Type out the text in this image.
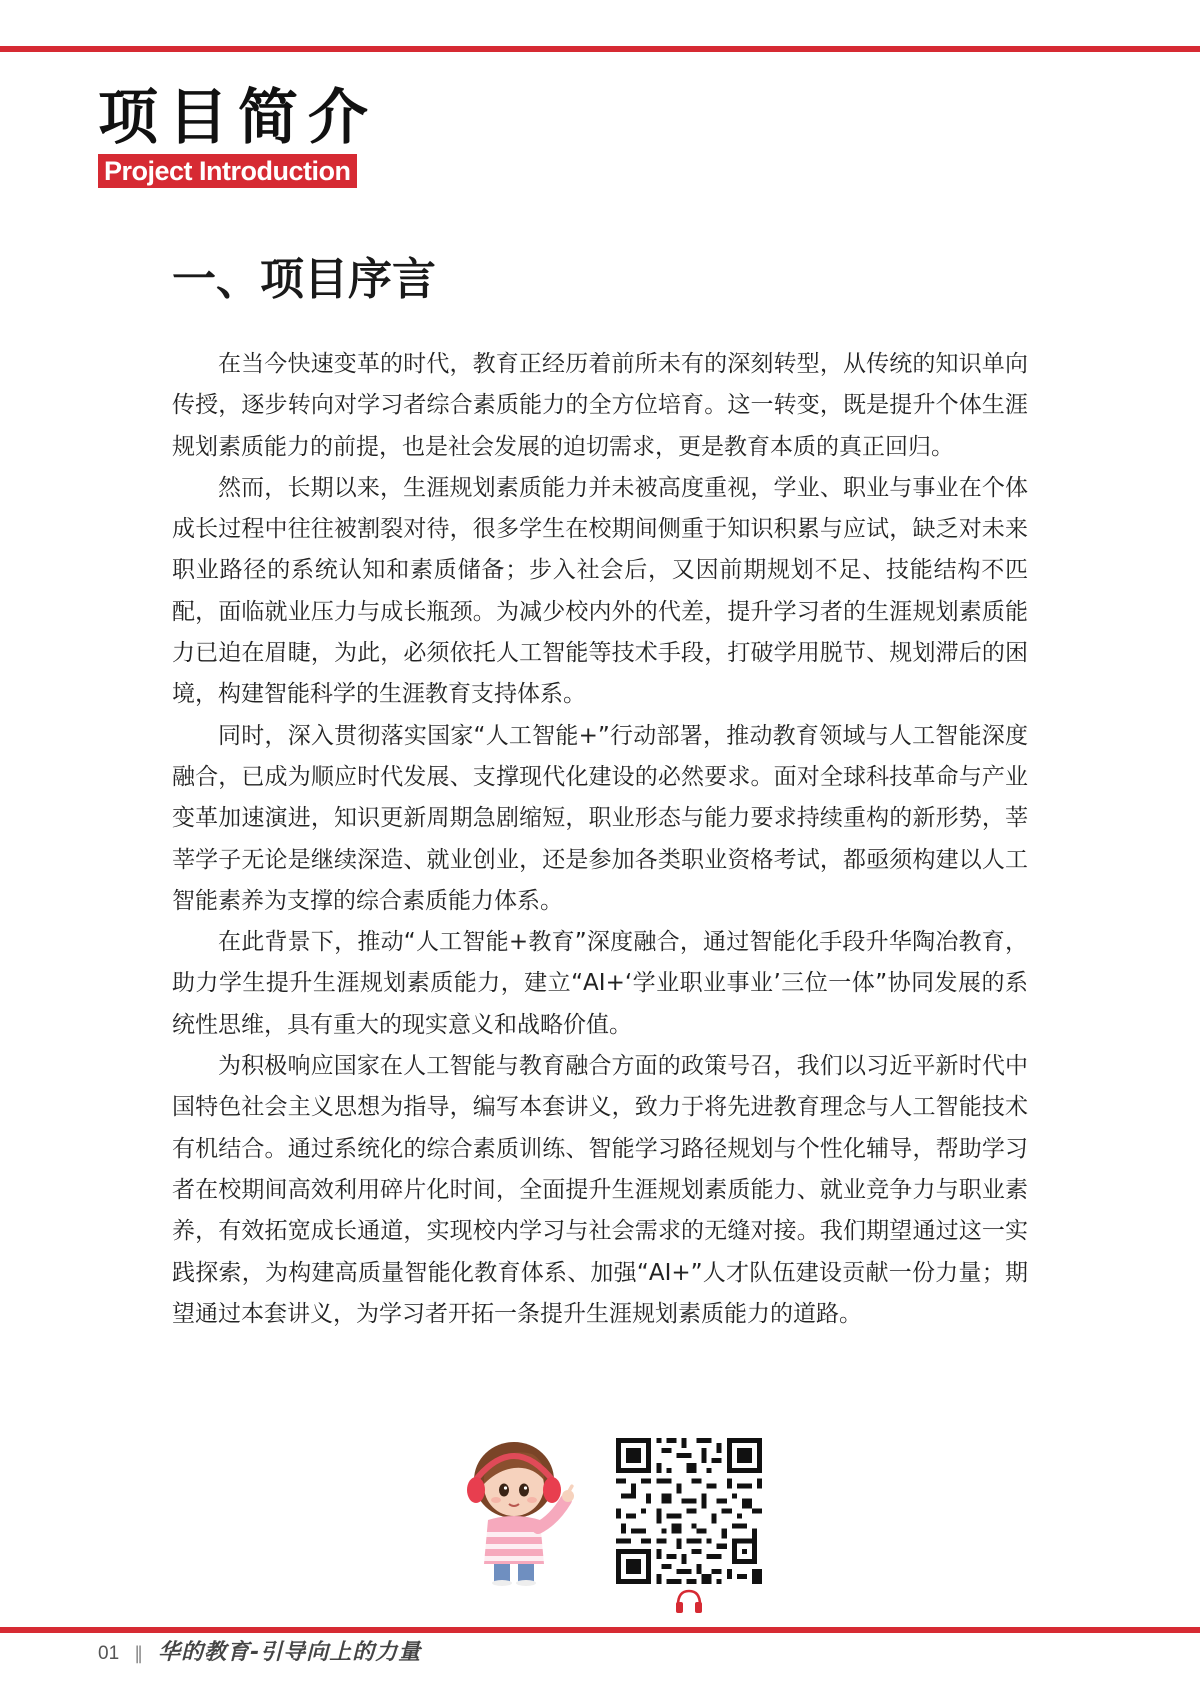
项目简介
Project Introduction
一、项目序言

在当今快速变革的时代，教育正经历着前所未有的深刻转型，从传统的知识单向传授，逐步转向对学习者综合素质能力的全方位培育。这一转变，既是提升个体生涯规划素质能力的前提，也是社会发展的迫切需求，更是教育本质的真正回归。

然而，长期以来，生涯规划素质能力并未被高度重视，学业、职业与事业在个体成长过程中往往被割裂对待，很多学生在校期间侧重于知识积累与应试，缺乏对未来职业路径的系统认知和素质储备；步入社会后，又因前期规划不足、技能结构不匹配，面临就业压力与成长瓶颈。为减少校内外的代差，提升学习者的生涯规划素质能力已迫在眉睫，为此，必须依托人工智能等技术手段，打破学用脱节、规划滞后的困境，构建智能科学的生涯教育支持体系。

同时，深入贯彻落实国家“人工智能+”行动部署，推动教育领域与人工智能深度融合，已成为顺应时代发展、支撑现代化建设的必然要求。面对全球科技革命与产业变革加速演进，知识更新周期急剧缩短，职业形态与能力要求持续重构的新形势，莘莘学子无论是继续深造、就业创业，还是参加各类职业资格考试，都亟须构建以人工智能素养为支撑的综合素质能力体系。

在此背景下，推动“人工智能+教育”深度融合，通过智能化手段升华陶冶教育，助力学生提升生涯规划素质能力，建立“AI+‘学业职业事业’三位一体”协同发展的系统性思维，具有重大的现实意义和战略价值。

为积极响应国家在人工智能与教育融合方面的政策号召，我们以习近平新时代中国特色社会主义思想为指导，编写本套讲义，致力于将先进教育理念与人工智能技术有机结合。通过系统化的综合素质训练、智能学习路径规划与个性化辅导，帮助学习者在校期间高效利用碎片化时间，全面提升生涯规划素质能力、就业竞争力与职业素养，有效拓宽成长通道，实现校内学习与社会需求的无缝对接。我们期望通过这一实践探索，为构建高质量智能化教育体系、加强“AI+”人才队伍建设贡献一份力量；期望通过本套讲义，为学习者开拓一条提升生涯规划素质能力的道路。

01 ‖ 华的教育-引导向上的力量
